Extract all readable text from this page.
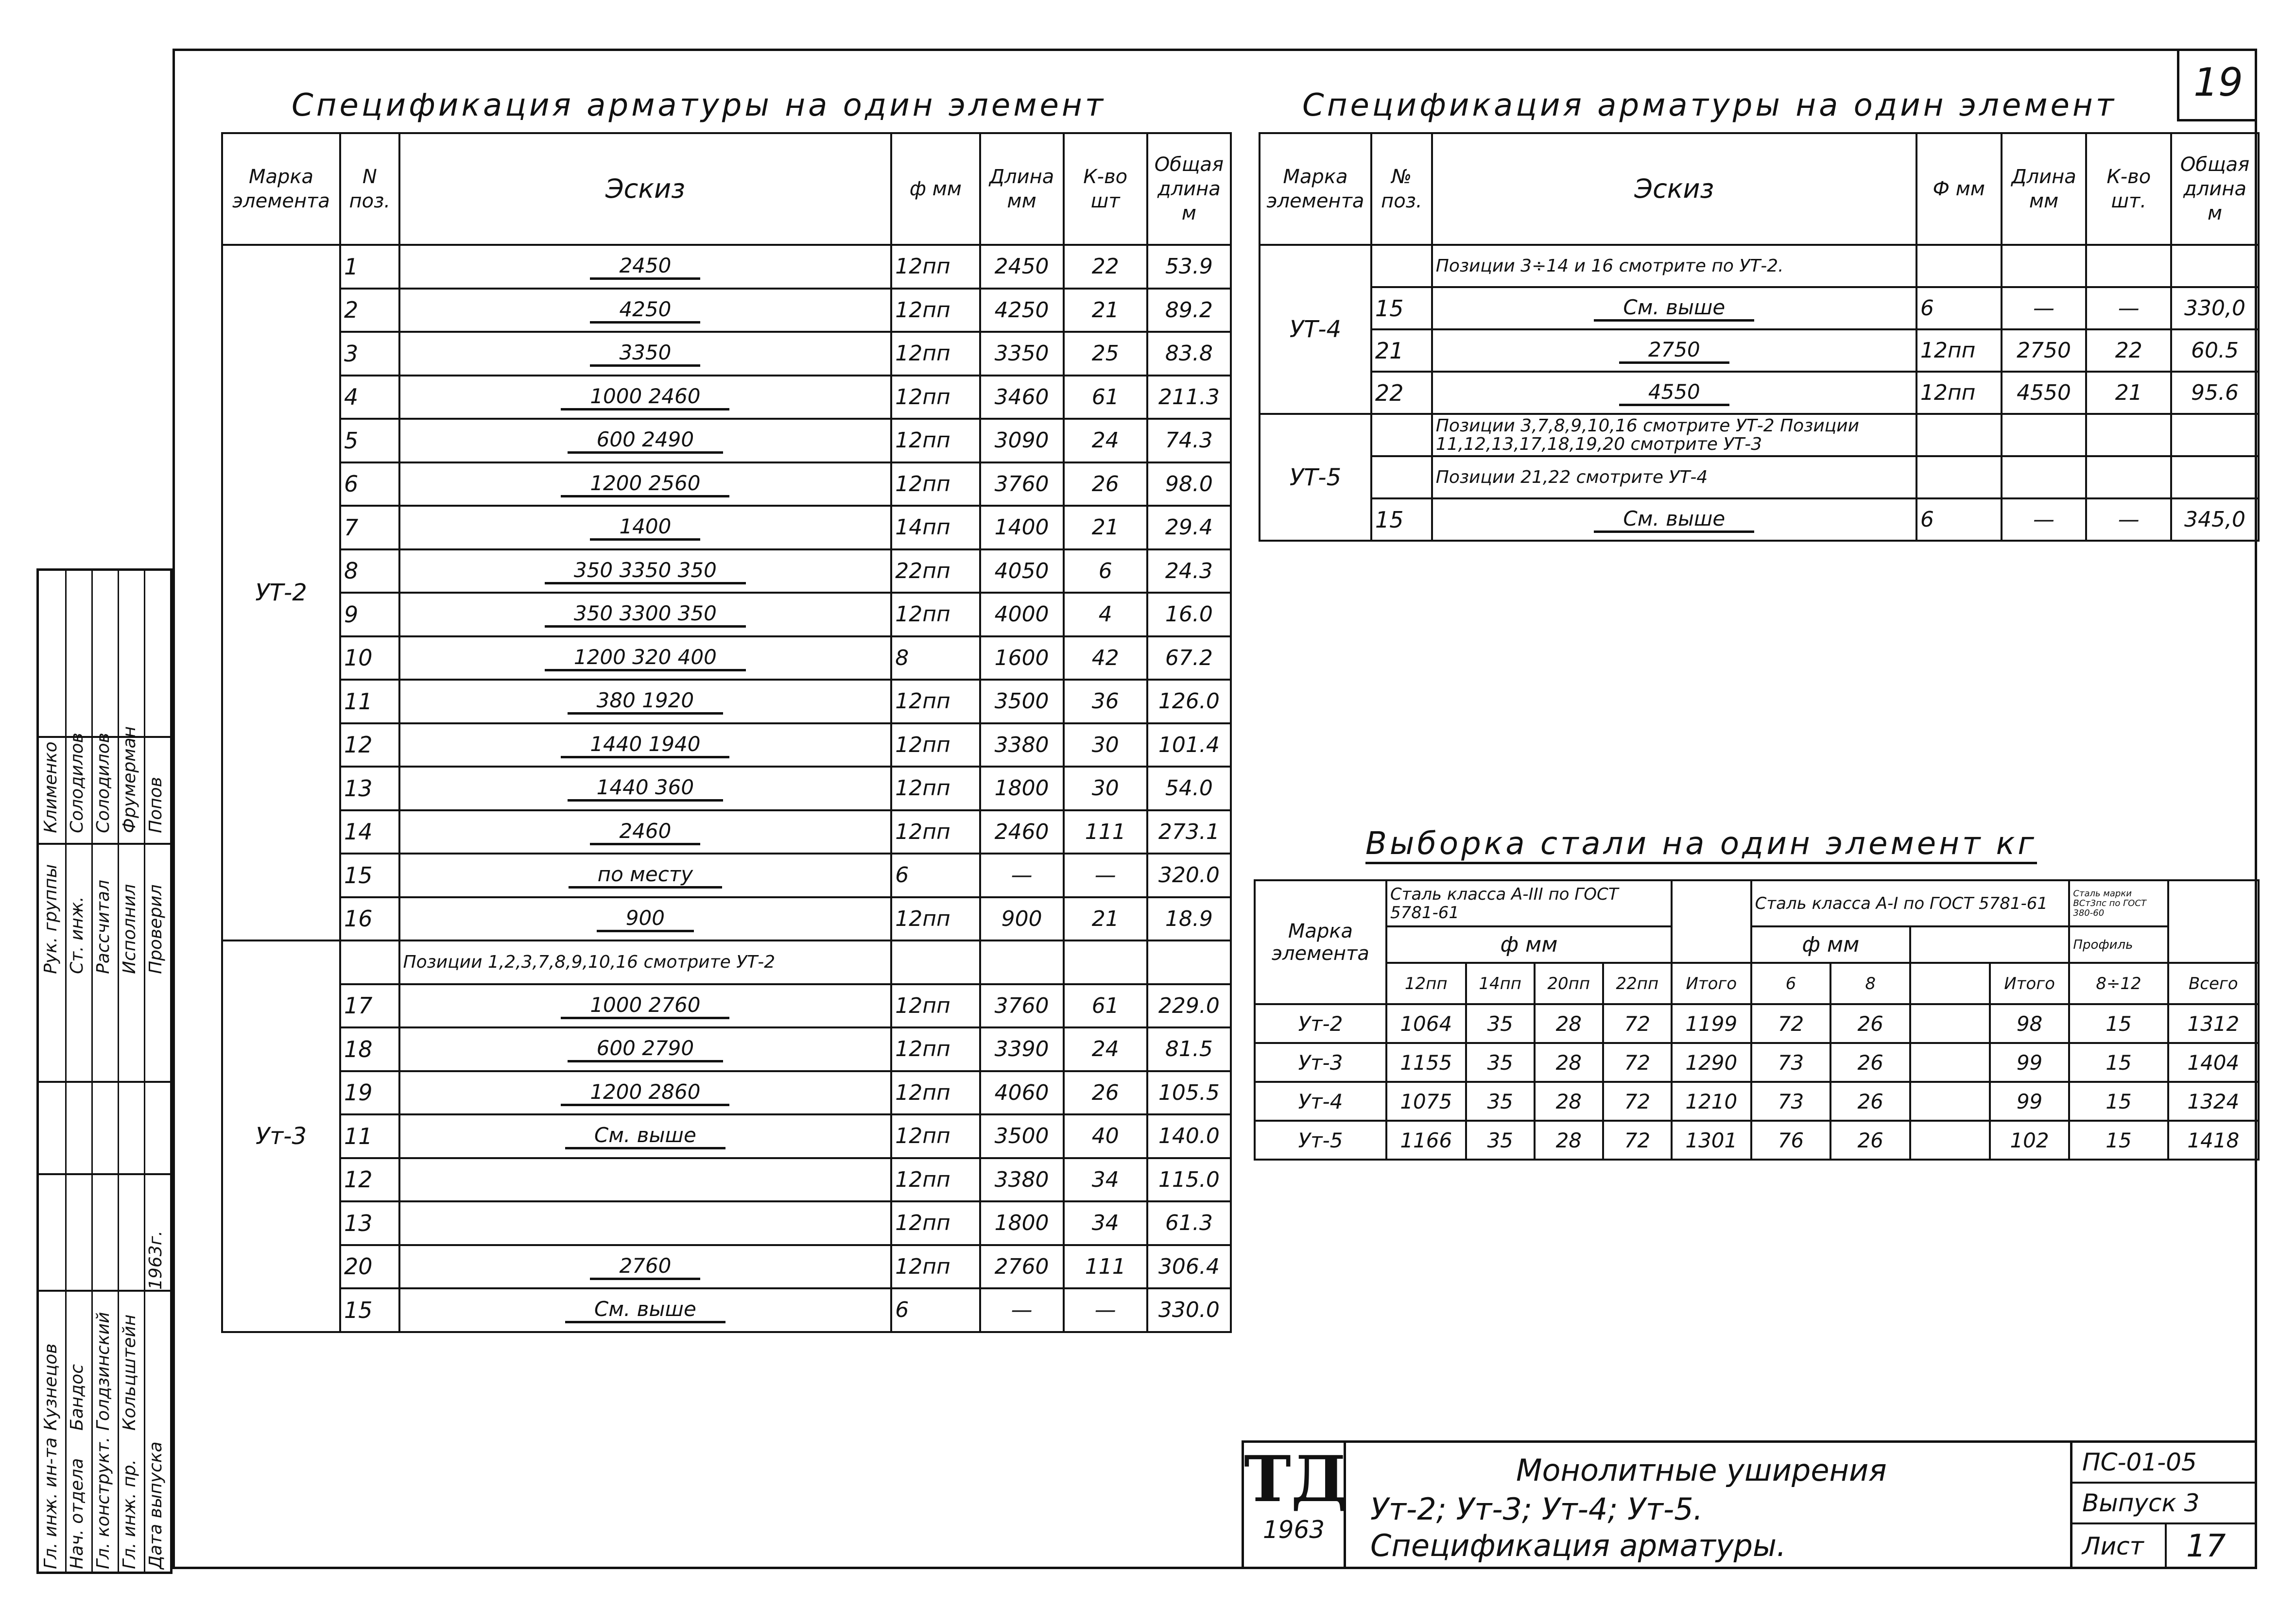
19
Спецификация арматуры на один элемент
Марка элемента	N поз.	Эскиз	ф мм	Длина мм	К-во шт	Общая длина м
УТ-2	1	2450	12пп	2450	22	53.9
	2	4250	12пп	4250	21	89.2
	3	3350	12пп	3350	25	83.8
	4	1000 2460	12пп	3460	61	211.3
	5	600 2490	12пп	3090	24	74.3
	6	1200 2560	12пп	3760	26	98.0
	7	1400	14пп	1400	21	29.4
	8	350 3350 350	22пп	4050	6	24.3
	9	350 3300 350	12пп	4000	4	16.0
	10	1200 320 400	8	1600	42	67.2
	11	380 1920	12пп	3500	36	126.0
	12	1440 1940	12пп	3380	30	101.4
	13	1440 360	12пп	1800	30	54.0
	14	2460	12пп	2460	111	273.1
	15	по месту	6	—	—	320.0
	16	900	12пп	900	21	18.9
Ут-3		Позиции 1,2,3,7,8,9,10,16 смотрите УТ-2				

	17	1000 2760	12пп	3760	61	229.0
	18	600 2790	12пп	3390	24	81.5
	19	1200 2860	12пп	4060	26	105.5
	11	См. выше	12пп	3500	40	140.0
	12		12пп	3380	34	115.0
	13		12пп	1800	34	61.3
	20	2760	12пп	2760	111	306.4
	15	См. выше	6	—	—	330.0
Спецификация арматуры на один элемент
Марка элемента	№ поз.	Эскиз	Ф мм	Длина мм	К-во шт.	Общая длина м
УТ-4		Позиции 3÷14 и 16 смотрите по УТ-2.				

	15	См. выше	6	—	—	330,0
	21	2750	12пп	2750	22	60.5
	22	4550	12пп	4550	21	95.6
УТ-5		Позиции 3,7,8,9,10,16 смотрите УТ-2 Позиции 11,12,13,17,18,19,20 смотрите УТ-3				

		Позиции 21,22 смотрите УТ-4				

	15	См. выше	6	—	—	345,0
Выборка стали на один элемент кг
Марка элемента	Сталь класса А-III по ГОСТ 5781-61					Сталь класса А-I по ГОСТ 5781-61				Сталь марки ВСт3пс по ГОСТ 380-60	
	ф мм					ф мм				Профиль	
	12пп	14пп	20пп	22пп	Итого	6	8		Итого	8÷12	Всего
Ут-2	1064	35	28	72	1199	72	26		98	15	1312
Ут-3	1155	35	28	72	1290	73	26		99	15	1404
Ут-4	1075	35	28	72	1210	73	26		99	15	1324
Ут-5	1166	35	28	72	1301	76	26		102	15	1418
ТД
1963
Монолитные уширения
Ут-2; Ут-3; Ут-4; Ут-5.
Спецификация арматуры.
ПС-01-05
Выпуск 3
Лист	17
Гл. инж. ин-та
Кузнецов
Рук. группы
Клименко
Нач. отдела
Бандос
Ст. инж.
Солодилов
Гл. конструкт.
Голдзинский
Рассчитал
Солодилов
Гл. инж. пр.
Кольцштейн
Исполнил
Фрумерман
Дата выпуска
Проверил
Попов
1963г.
